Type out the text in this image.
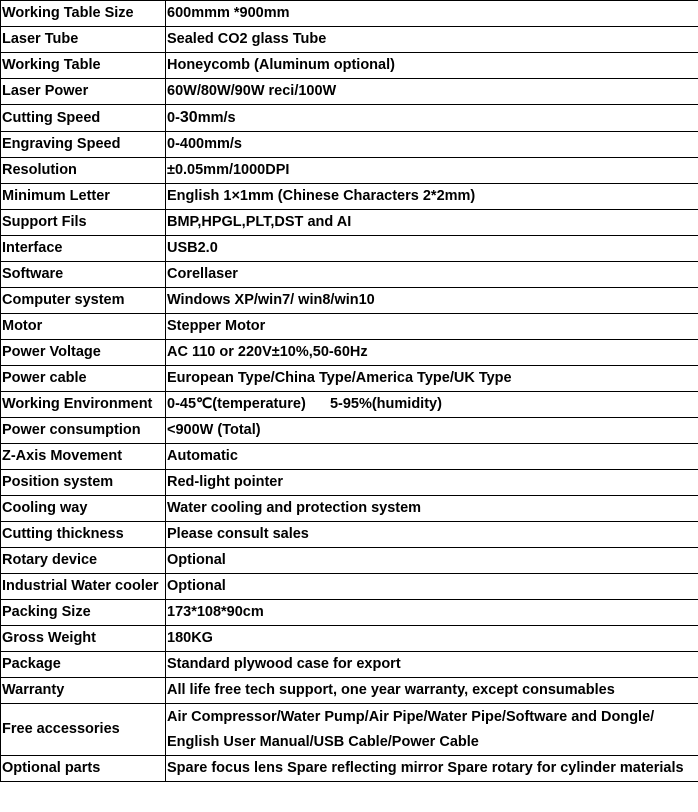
Working Table Size	600mmm *900mm
Laser Tube	Sealed CO2 glass Tube
Working Table	Honeycomb (Aluminum optional)
Laser Power	60W/80W/90W reci/100W
Cutting Speed	0-30mm/s
Engraving Speed	0-400mm/s
Resolution	±0.05mm/1000DPI
Minimum Letter	English 1×1mm (Chinese Characters 2*2mm)
Support Fils	BMP,HPGL,PLT,DST and AI
Interface	USB2.0
Software	Corellaser
Computer system	Windows XP/win7/ win8/win10
Motor	Stepper Motor
Power Voltage	AC 110 or 220V±10%,50-60Hz
Power cable	European Type/China Type/America Type/UK Type
Working Environment	0-45℃(temperature)      5-95%(humidity)
Power consumption	<900W (Total)
Z-Axis Movement	Automatic
Position system	Red-light pointer
Cooling way	Water cooling and protection system
Cutting thickness	Please consult sales
Rotary device	Optional
Industrial Water cooler	Optional
Packing Size	173*108*90cm
Gross Weight	180KG
Package	Standard plywood case for export
Warranty	All life free tech support, one year warranty, except consumables
Free accessories	Air Compressor/Water Pump/Air Pipe/Water Pipe/Software and Dongle/
English User Manual/USB Cable/Power Cable

Optional parts	Spare focus lens Spare reflecting mirror Spare rotary for cylinder materials
